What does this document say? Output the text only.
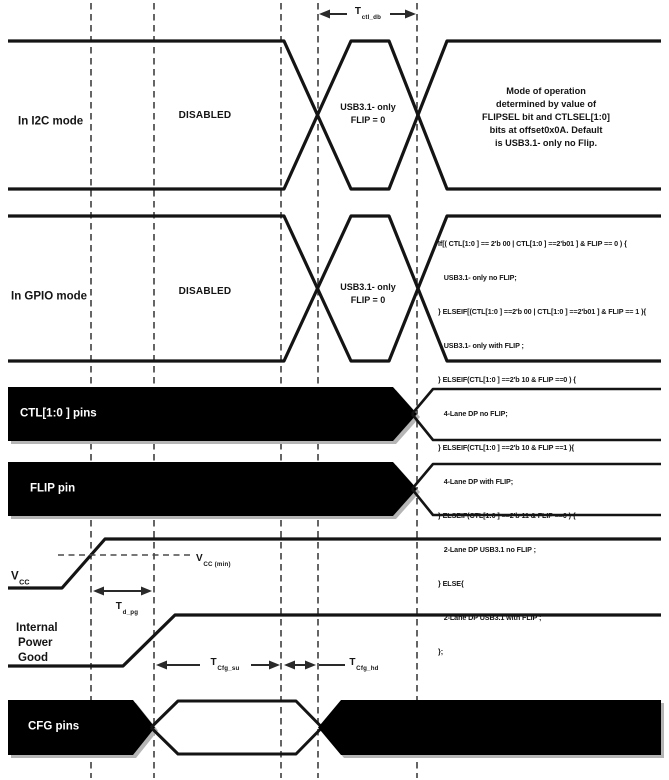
$T_{ctl\_db}$
In I2C mode	DISABLED
USB3.1- only
FLIP = 0
Mode of operation
determined by value of
FLIPSEL bit and CTLSEL[1:0]
bits at offset0x0A. Default
is USB3.1- only no Flip.
In GPIO mode	DISABLED	USB3.1- only
FLIP = 0

If[( CTL[1:0 ] == 2'b 00 | CTL[1:0 ] ==2'b01 ] & FLIP == 0 ) {

USB3.1- only no FLIP;

} ELSEIF[(CTL[1:0 ] ==2'b 00 | CTL[1:0 ] ==2'b01 ] & FLIP == 1 ){

USB3.1- only with FLIP ;

} ELSEIF(CTL[1:0 ] ==2'b 10 & FLIP ==0 ) {

4-Lane DP no FLIP;

} ELSEIF(CTL[1:0 ] ==2'b 10 & FLIP ==1 ){

4-Lane DP with FLIP;

} ELSEIF(CTL[1:0 ] ==2'b 11 & FLIP ==0 ) {

2-Lane DP USB3.1 no FLIP ;

} ELSE{

2-Lane DP USB3.1 with FLIP ;

};

CTL[1:0 ] pins
FLIP pin
$V_{CC}$
$V_{CC (min)}$
$T_{d\_pg}$
Internal
Power
Good	$T_{Cfg\_su}$	$T_{Cfg\_hd}$
CFG pins
